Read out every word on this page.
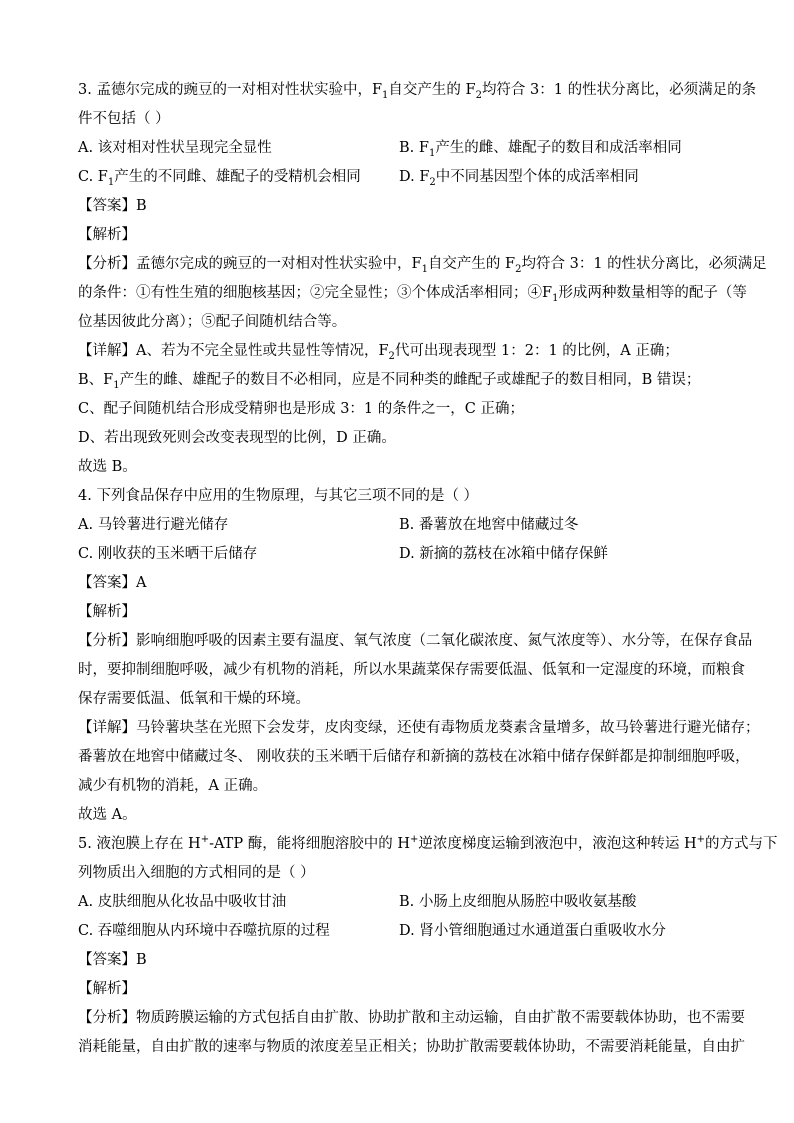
3. 孟德尔完成的豌豆的一对相对性状实验中，$F_1$自交产生的 $F_2$均符合 3：1 的性状分离比，必须满足的条
件不包括（ ）
A. 该对相对性状呈现完全显性	B. $F_1$产生的雌、雄配子的数目和成活率相同
C. $F_1$产生的不同雌、雄配子的受精机会相同	D. $F_2$中不同基因型个体的成活率相同
【答案】B
【解析】
【分析】孟德尔完成的豌豆的一对相对性状实验中，$F_1$自交产生的 $F_2$均符合 3：1 的性状分离比，必须满足
的条件：①有性生殖的细胞核基因；②完全显性；③个体成活率相同；$④F_1$形成两种数量相等的配子（等
位基因彼此分离）；⑤配子间随机结合等。
【详解】A、若为不完全显性或共显性等情况，$F_2$代可出现表现型 1：2：1 的比例，A 正确；
B、$F_1$产生的雌、雄配子的数目不必相同，应是不同种类的雌配子或雄配子的数目相同，B 错误；
C、配子间随机结合形成受精卵也是形成 3：1 的条件之一，C 正确；
D、若出现致死则会改变表现型的比例，D 正确。
故选 B。
4. 下列食品保存中应用的生物原理，与其它三项不同的是（ ）
A. 马铃薯进行避光储存	B. 番薯放在地窖中储藏过冬
C. 刚收获的玉米晒干后储存	D. 新摘的荔枝在冰箱中储存保鲜
【答案】A
【解析】
【分析】影响细胞呼吸的因素主要有温度、氧气浓度（二氧化碳浓度、氮气浓度等）、水分等，在保存食品
时，要抑制细胞呼吸，减少有机物的消耗，所以水果蔬菜保存需要低温、低氧和一定湿度的环境，而粮食
保存需要低温、低氧和干燥的环境。
【详解】马铃薯块茎在光照下会发芽，皮肉变绿，还使有毒物质龙葵素含量增多，故马铃薯进行避光储存；
番薯放在地窖中储藏过冬、 刚收获的玉米晒干后储存和新摘的荔枝在冰箱中储存保鲜都是抑制细胞呼吸，
减少有机物的消耗，A 正确。
故选 A。
5. 液泡膜上存在 H+-ATP 酶，能将细胞溶胶中的 H+逆浓度梯度运输到液泡中，液泡这种转运 H+的方式与下
列物质出入细胞的方式相同的是（ ）
A. 皮肤细胞从化妆品中吸收甘油	B. 小肠上皮细胞从肠腔中吸收氨基酸
C. 吞噬细胞从内环境中吞噬抗原的过程	D. 肾小管细胞通过水通道蛋白重吸收水分
【答案】B
【解析】
【分析】物质跨膜运输的方式包括自由扩散、协助扩散和主动运输，自由扩散不需要载体协助，也不需要
消耗能量，自由扩散的速率与物质的浓度差呈正相关；协助扩散需要载体协助，不需要消耗能量，自由扩
